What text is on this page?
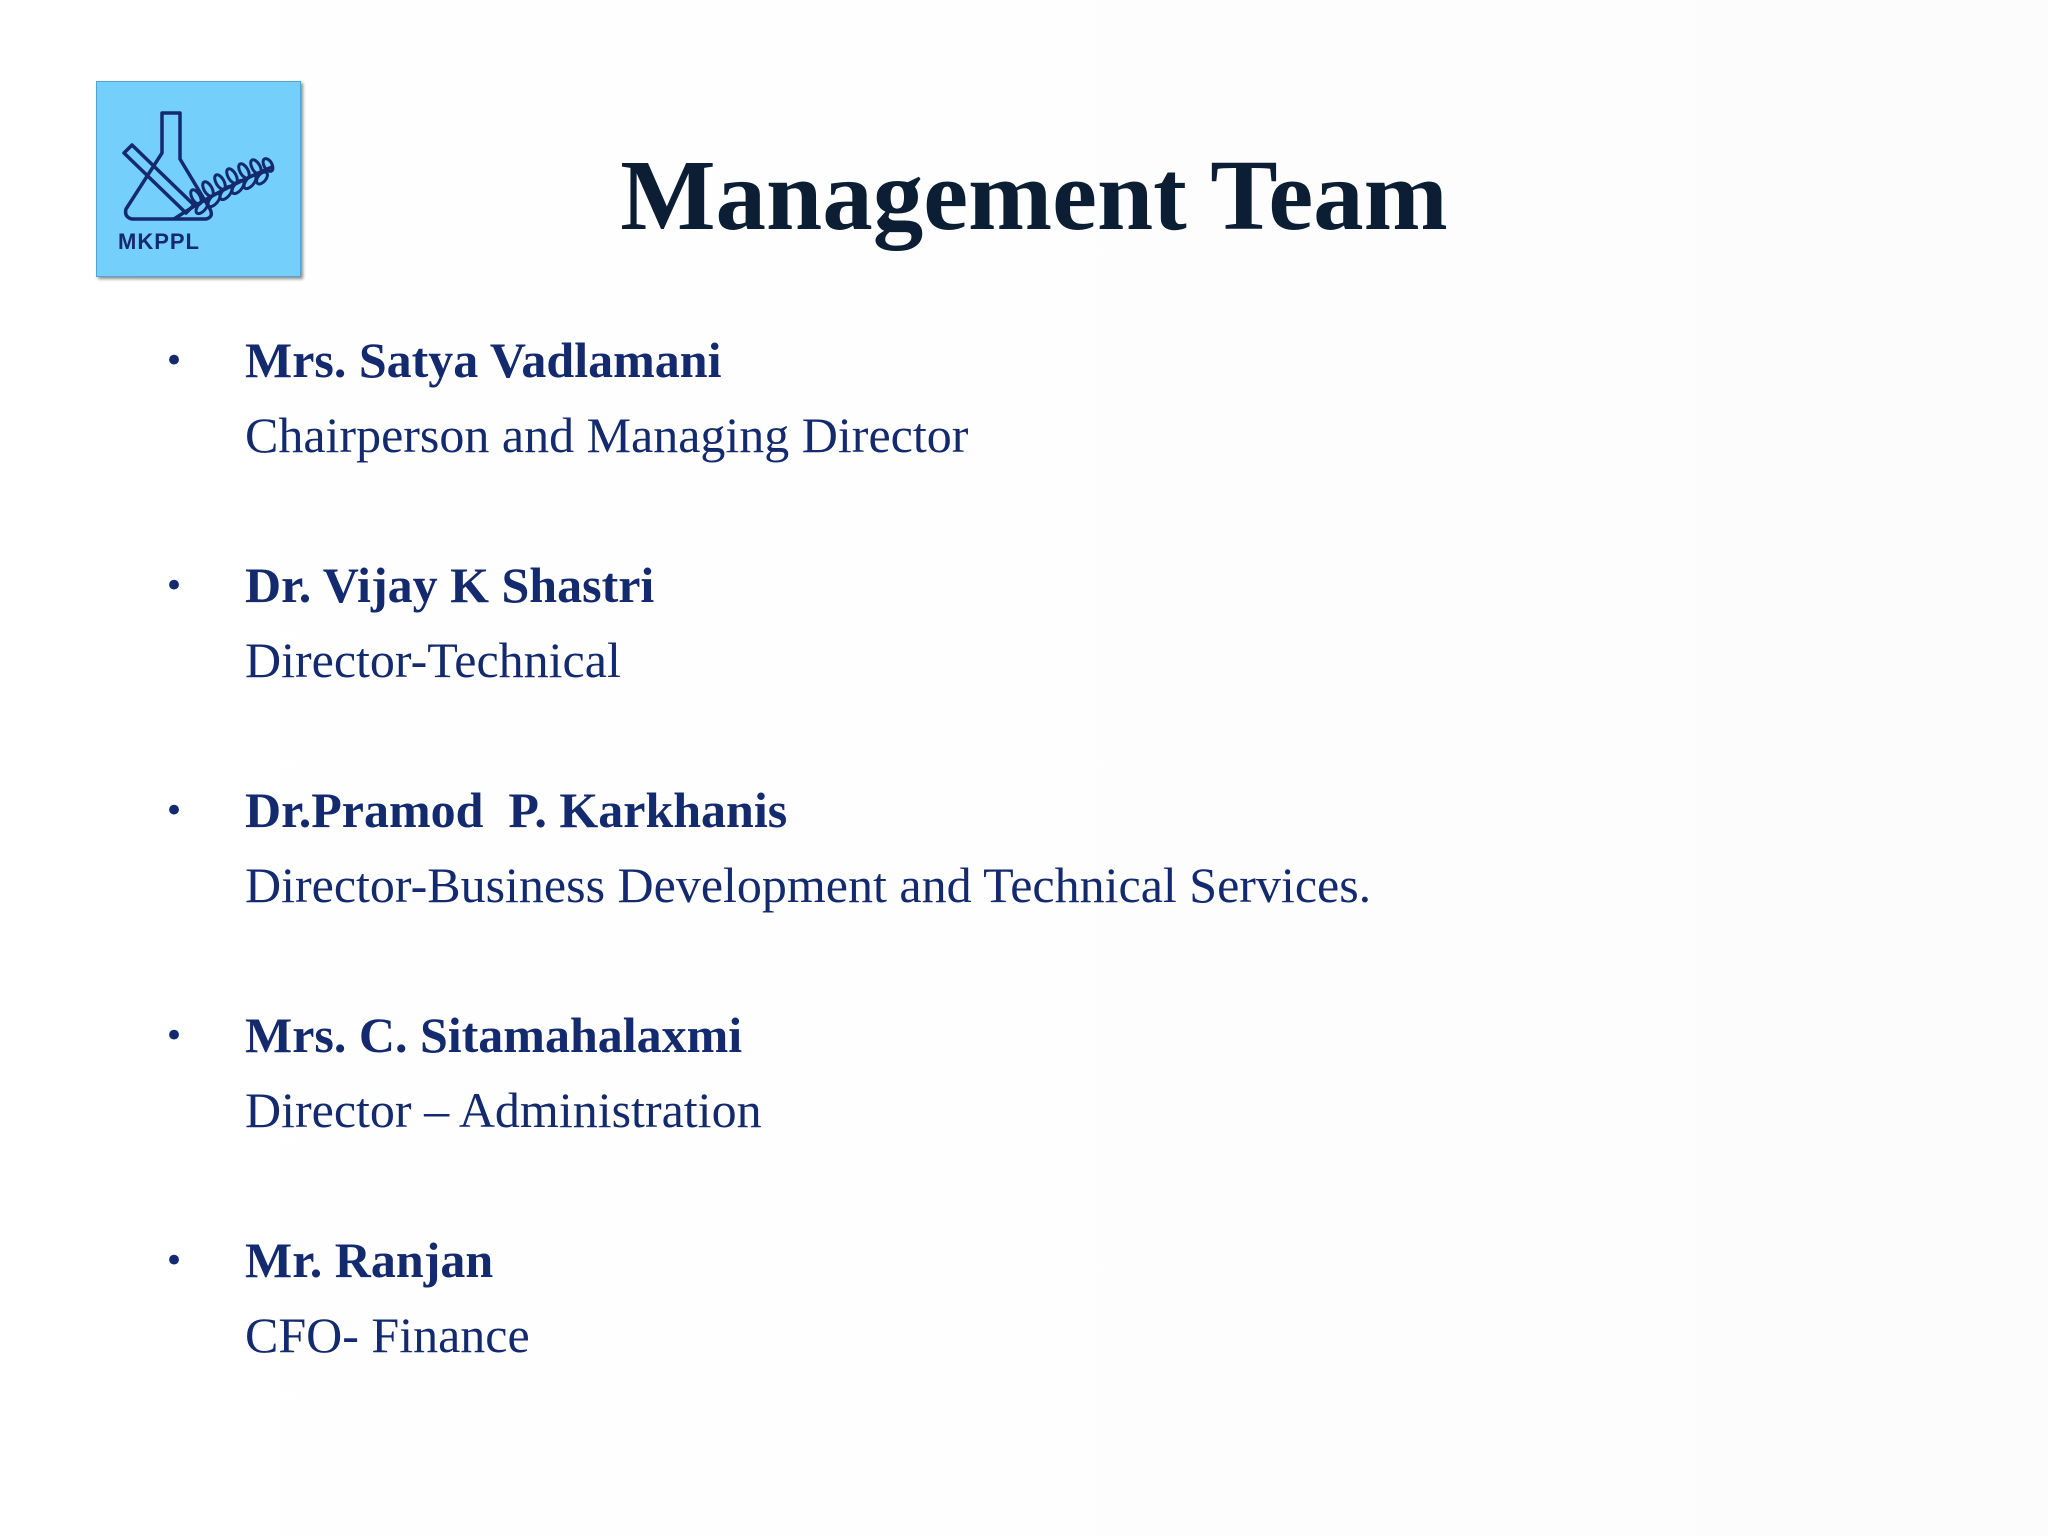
MKPPL	Management Team
• Mrs. Satya Vadlamani
Chairperson and Managing Director
• Dr. Vijay K Shastri
Director-Technical
• Dr.Pramod  P. Karkhanis
Director-Business Development and Technical Services.
• Mrs. C. Sitamahalaxmi
Director – Administration
• Mr. Ranjan
CFO- Finance
